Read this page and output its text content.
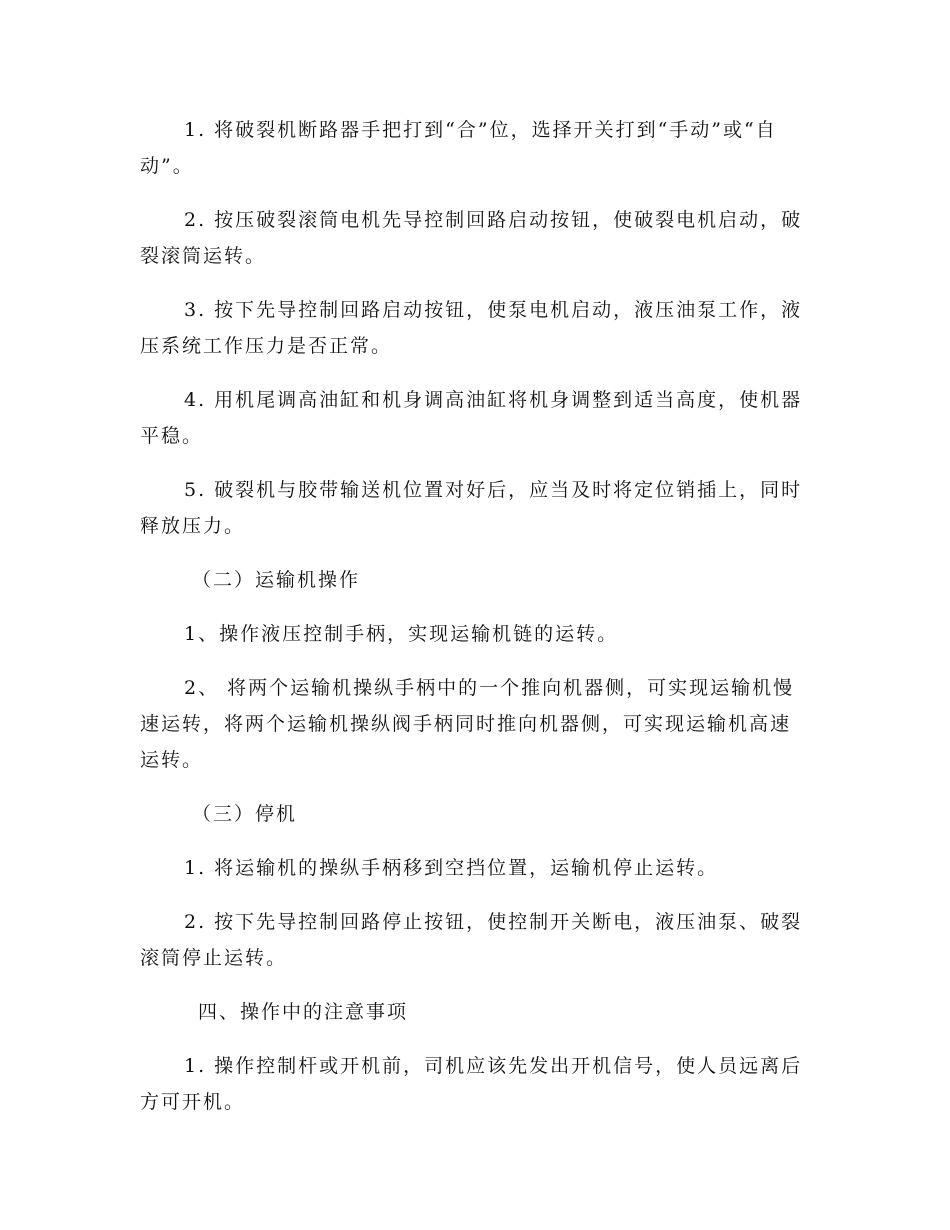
1. 将破裂机断路器手把打到“合”位，选择开关打到“手动”或“自动”。

2. 按压破裂滚筒电机先导控制回路启动按钮，使破裂电机启动，破裂滚筒运转。

3. 按下先导控制回路启动按钮，使泵电机启动，液压油泵工作，液压系统工作压力是否正常。

4. 用机尾调高油缸和机身调高油缸将机身调整到适当高度，使机器平稳。

5. 破裂机与胶带输送机位置对好后，应当及时将定位销插上，同时释放压力。

（二）运输机操作

1、操作液压控制手柄，实现运输机链的运转。

2、 将两个运输机操纵手柄中的一个推向机器侧，可实现运输机慢速运转，将两个运输机操纵阀手柄同时推向机器侧，可实现运输机高速运转。

（三）停机

1. 将运输机的操纵手柄移到空挡位置，运输机停止运转。

2. 按下先导控制回路停止按钮，使控制开关断电，液压油泵、破裂滚筒停止运转。

四、操作中的注意事项

1. 操作控制杆或开机前，司机应该先发出开机信号，使人员远离后方可开机。
